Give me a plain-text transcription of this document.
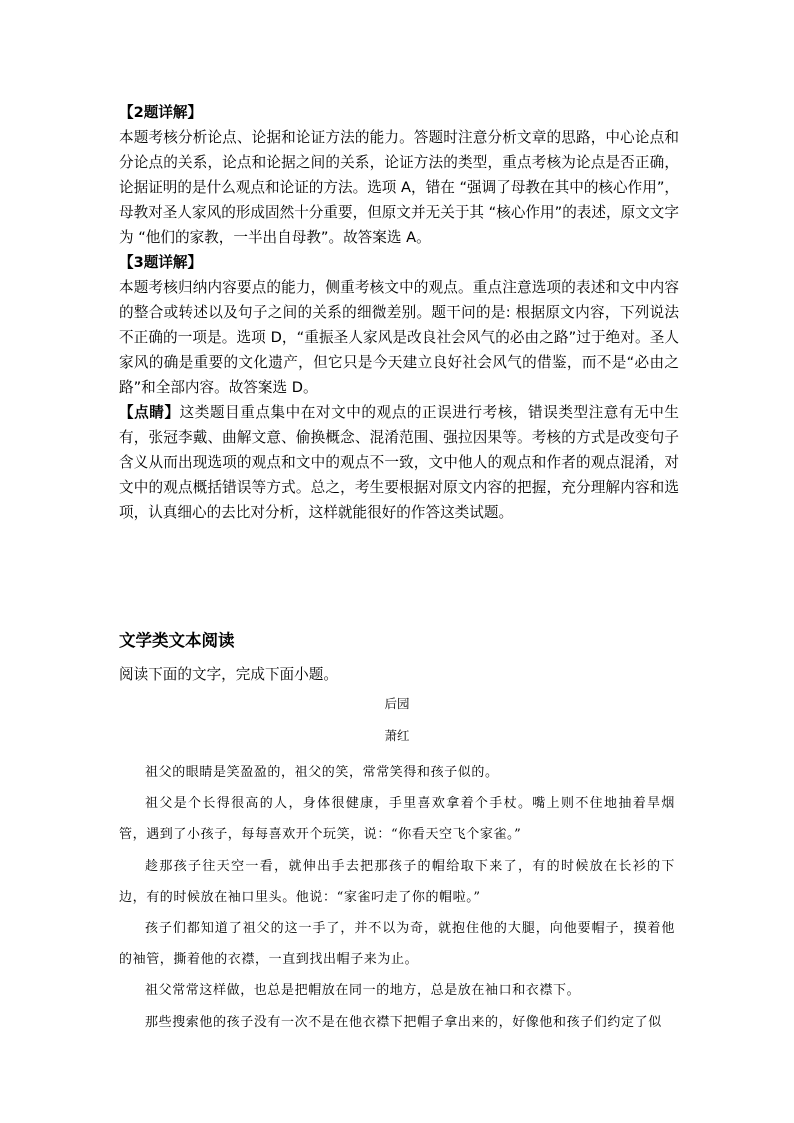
【2题详解】

本题考核分析论点、论据和论证方法的能力。答题时注意分析文章的思路，中心论点和分论点的关系，论点和论据之间的关系，论证方法的类型，重点考核为论点是否正确，论据证明的是什么观点和论证的方法。选项 A，错在 “强调了母教在其中的核心作用”，母教对圣人家风的形成固然十分重要，但原文并无关于其 “核心作用”的表述，原文文字为 “他们的家教，一半出自母教”。故答案选 A。

【3题详解】

本题考核归纳内容要点的能力，侧重考核文中的观点。重点注意选项的表述和文中内容的整合或转述以及句子之间的关系的细微差别。题干问的是: 根据原文内容，下列说法不正确的一项是。选项 D，“重振圣人家风是改良社会风气的必由之路”过于绝对。圣人家风的确是重要的文化遗产，但它只是今天建立良好社会风气的借鉴，而不是“必由之路”和全部内容。故答案选 D。

【点睛】这类题目重点集中在对文中的观点的正误进行考核，错误类型注意有无中生有，张冠李戴、曲解文意、偷换概念、混淆范围、强拉因果等。考核的方式是改变句子含义从而出现选项的观点和文中的观点不一致，文中他人的观点和作者的观点混淆，对文中的观点概括错误等方式。总之，考生要根据对原文内容的把握，充分理解内容和选项，认真细心的去比对分析，这样就能很好的作答这类试题。

文学类文本阅读
阅读下面的文字，完成下面小题。
后园
萧红

祖父的眼睛是笑盈盈的，祖父的笑，常常笑得和孩子似的。

祖父是个长得很高的人，身体很健康，手里喜欢拿着个手杖。嘴上则不住地抽着旱烟管，遇到了小孩子，每每喜欢开个玩笑，说：“你看天空飞个家雀。”

趁那孩子往天空一看，就伸出手去把那孩子的帽给取下来了，有的时候放在长衫的下边，有的时候放在袖口里头。他说：“家雀叼走了你的帽啦。”

孩子们都知道了祖父的这一手了，并不以为奇，就抱住他的大腿，向他要帽子，摸着他的袖管，撕着他的衣襟，一直到找出帽子来为止。

祖父常常这样做，也总是把帽放在同一的地方，总是放在袖口和衣襟下。

那些搜索他的孩子没有一次不是在他衣襟下把帽子拿出来的，好像他和孩子们约定了似
